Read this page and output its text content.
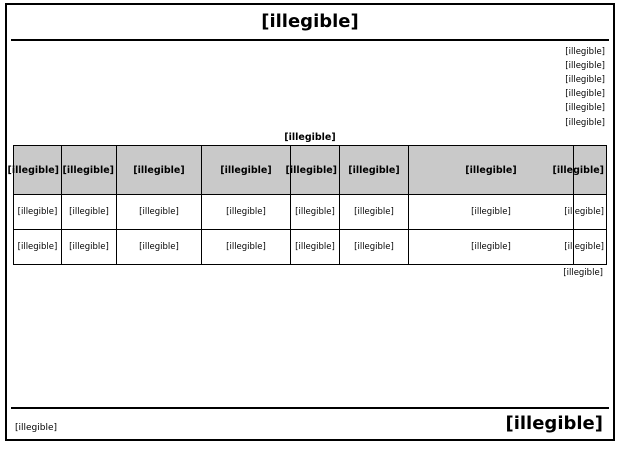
[illegible]

[illegible]

[illegible]

[illegible]

[illegible]

[illegible]

[illegible]

[illegible]
[illegible]	[illegible]	[illegible]	[illegible]	[illegible]	[illegible]	[illegible]	[illegible]
[illegible]	[illegible]	[illegible]	[illegible]	[illegible]	[illegible]	[illegible]	[illegible]
[illegible]	[illegible]	[illegible]	[illegible]	[illegible]	[illegible]	[illegible]	[illegible]
[illegible]
[illegible]
[illegible]
